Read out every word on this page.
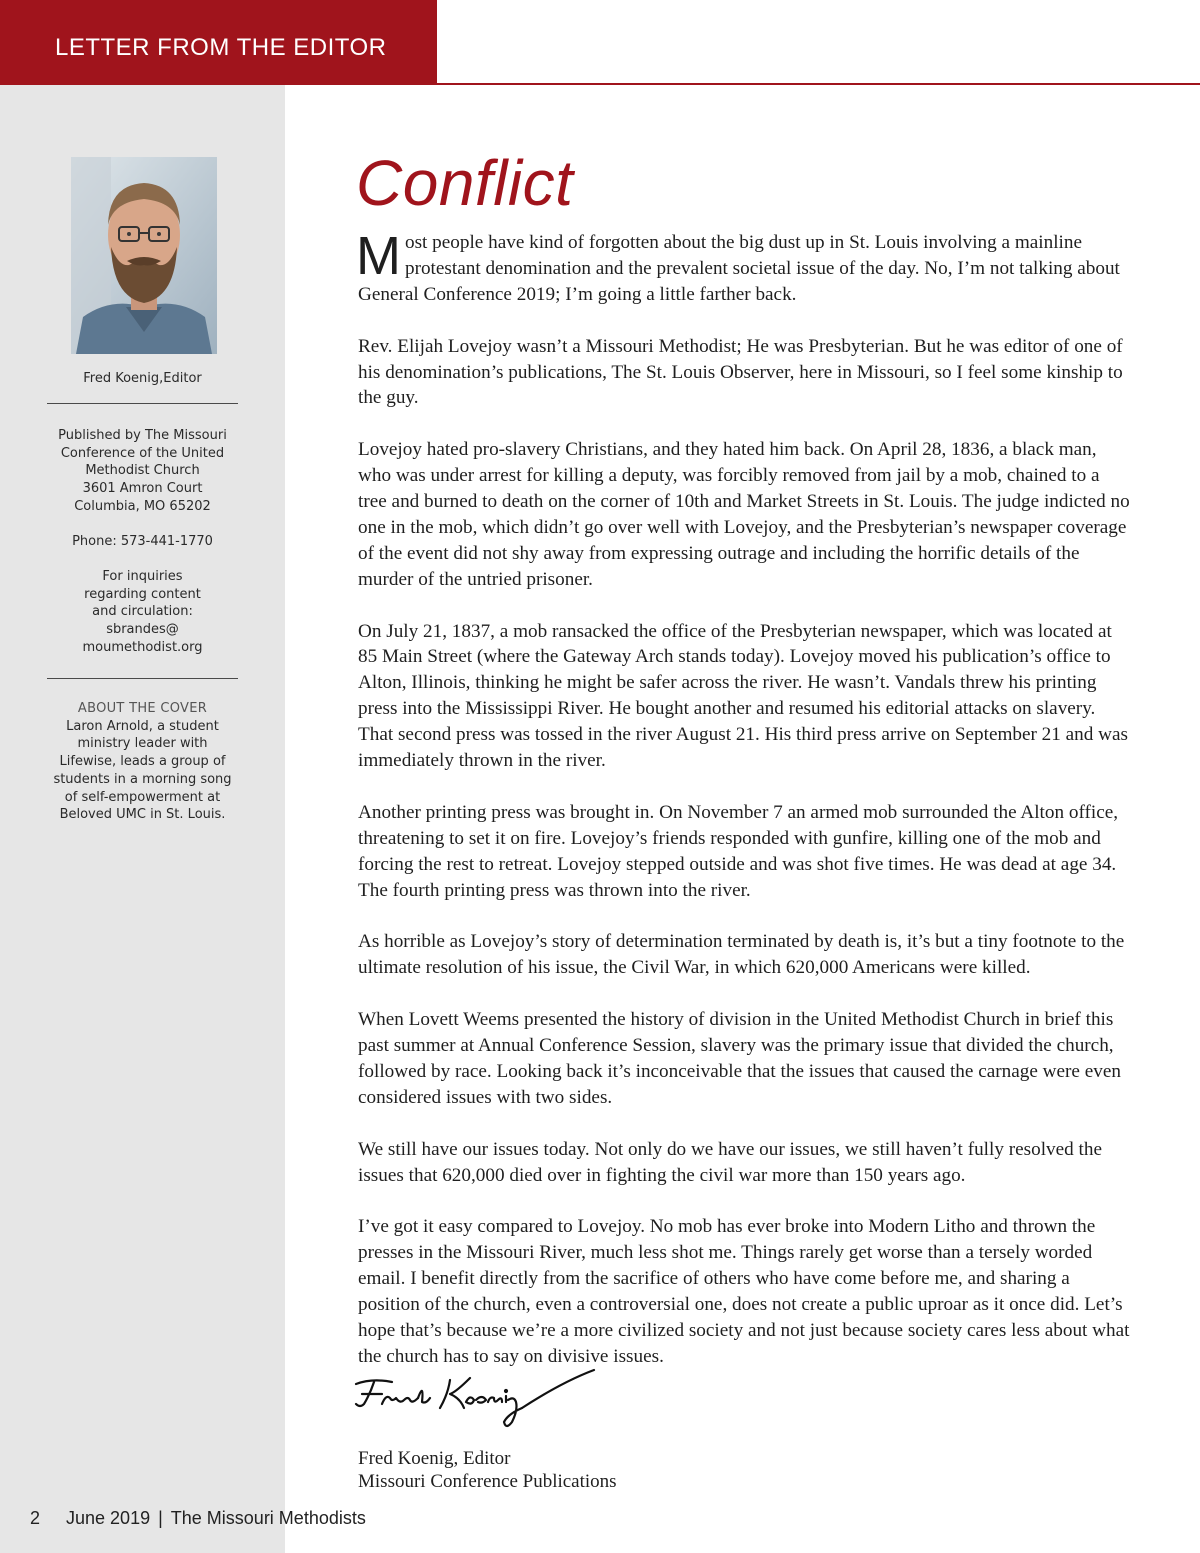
LETTER FROM THE EDITOR
Fred Koenig,Editor
Published by The Missouri
Conference of the United
Methodist Church
3601 Amron Court
Columbia, MO 65202
Phone: 573-441-1770
For inquiries
regarding content
and circulation:
sbrandes@
moumethodist.org
ABOUT THE COVER
Laron Arnold, a student
ministry leader with
Lifewise, leads a group of
students in a morning song
of self-empowerment at
Beloved UMC in St. Louis.
Conflict

Most people have kind of forgotten about the big dust up in St. Louis involving a mainline protestant denomination and the prevalent societal issue of the day. No, I’m not talking about General Conference 2019; I’m going a little farther back.

Rev. Elijah Lovejoy wasn’t a Missouri Methodist; He was Presbyterian. But he was editor of one of his denomination’s publications, The St. Louis Observer, here in Missouri, so I feel some kinship to the guy.

Lovejoy hated pro-slavery Christians, and they hated him back. On April 28, 1836, a black man, who was under arrest for killing a deputy, was forcibly removed from jail by a mob, chained to a tree and burned to death on the corner of 10th and Market Streets in St. Louis. The judge indicted no one in the mob, which didn’t go over well with Lovejoy, and the Presbyterian’s newspaper coverage of the event did not shy away from expressing outrage and including the horrific details of the murder of the untried prisoner.

On July 21, 1837, a mob ransacked the office of the Presbyterian newspaper, which was located at 85 Main Street (where the Gateway Arch stands today). Lovejoy moved his publication’s office to Alton, Illinois, thinking he might be safer across the river. He wasn’t. Vandals threw his printing press into the Mississippi River. He bought another and resumed his editorial attacks on slavery. That second press was tossed in the river August 21. His third press arrive on September 21 and was immediately thrown in the river.

Another printing press was brought in. On November 7 an armed mob surrounded the Alton office, threatening to set it on fire. Lovejoy’s friends responded with gunfire, killing one of the mob and forcing the rest to retreat. Lovejoy stepped outside and was shot five times. He was dead at age 34. The fourth printing press was thrown into the river.

As horrible as Lovejoy’s story of determination terminated by death is, it’s but a tiny footnote to the ultimate resolution of his issue, the Civil War, in which 620,000 Americans were killed.

When Lovett Weems presented the history of division in the United Methodist Church in brief this past summer at Annual Conference Session, slavery was the primary issue that divided the church, followed by race. Looking back it’s inconceivable that the issues that caused the carnage were even considered issues with two sides.

We still have our issues today. Not only do we have our issues, we still haven’t fully resolved the issues that 620,000 died over in fighting the civil war more than 150 years ago.

I’ve got it easy compared to Lovejoy. No mob has ever broke into Modern Litho and thrown the presses in the Missouri River, much less shot me. Things rarely get worse than a tersely worded email. I benefit directly from the sacrifice of others who have come before me, and sharing a position of the church, even a controversial one, does not create a public uproar as it once did. Let’s hope that’s because we’re a more civilized society and not just because society cares less about what the church has to say on divisive issues.

Fred Koenig, Editor
Missouri Conference Publications
2 June 2019 | The Missouri Methodists
